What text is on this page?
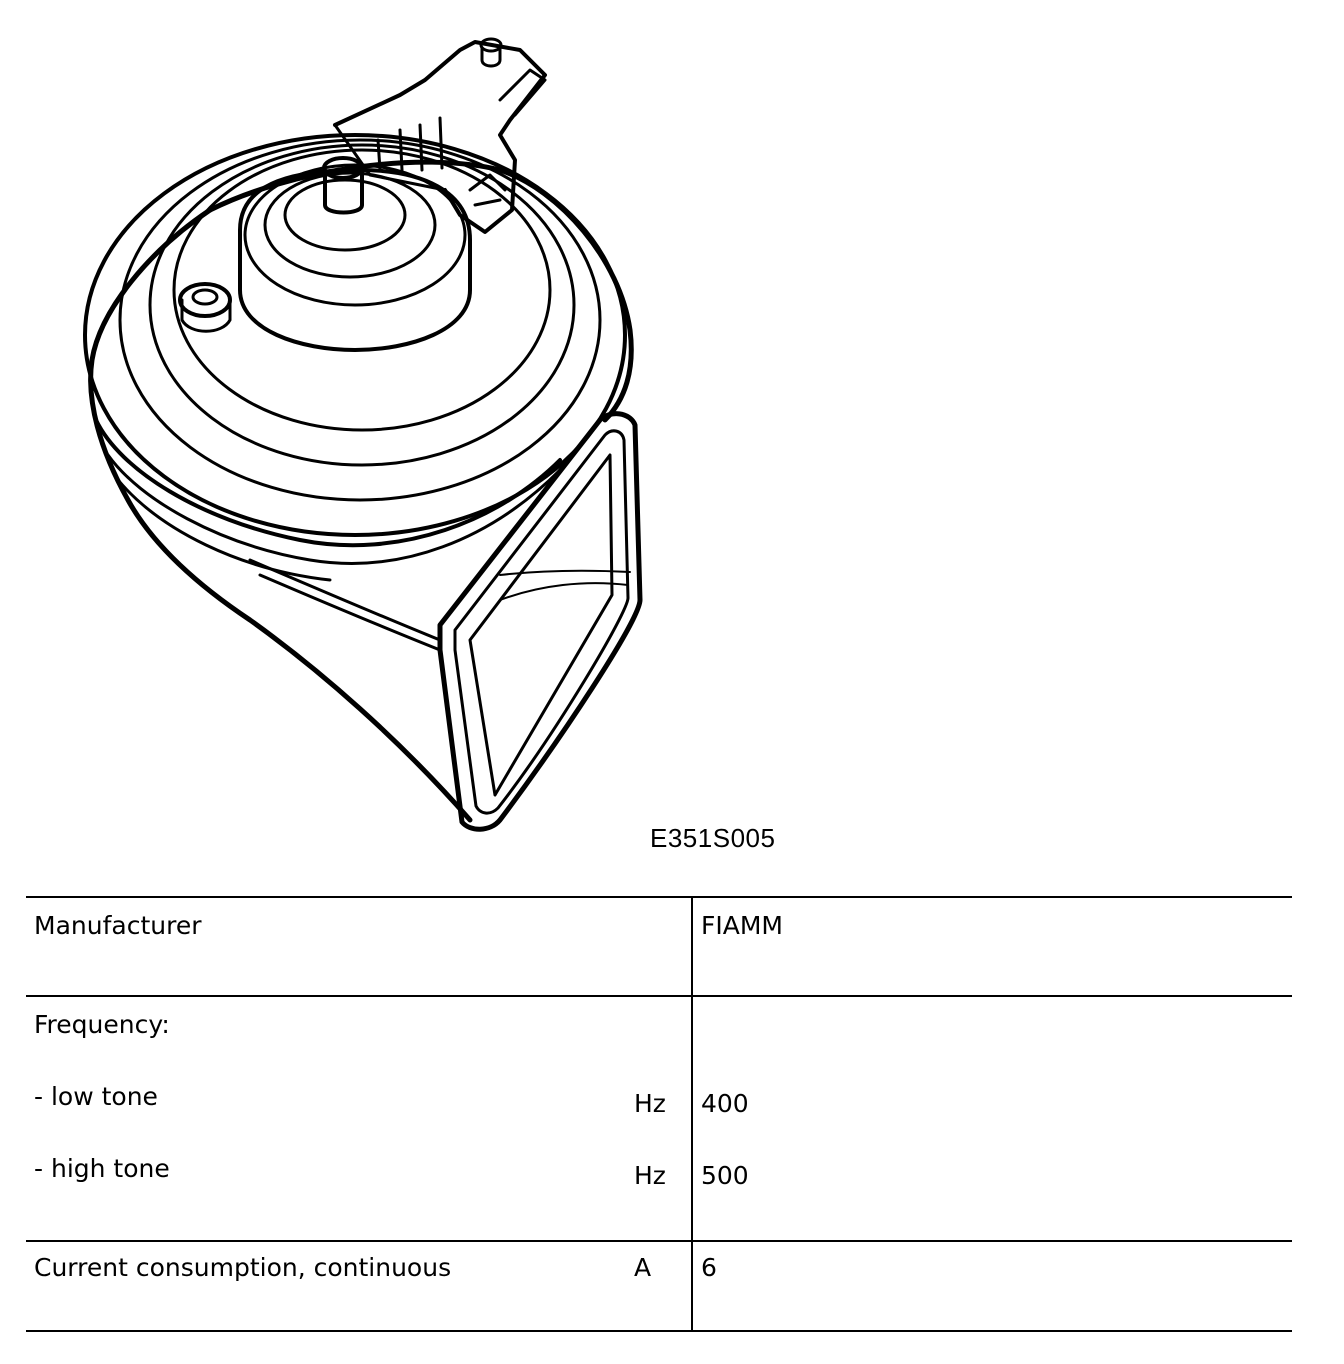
E351S005
Manufacturer	FIAMM
Frequency:
- low tone	Hz 400
- high tone	Hz 500
Current consumption, continuous	A 6
